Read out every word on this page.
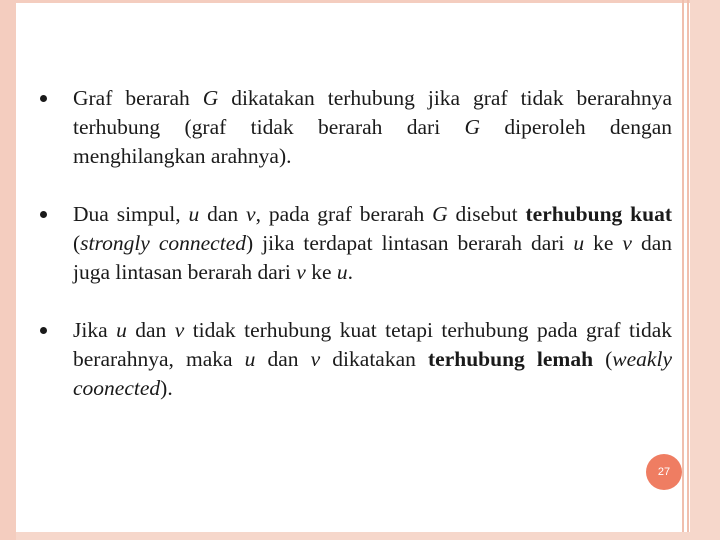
Graf berarah G dikatakan terhubung jika graf tidak berarahnya terhubung (graf tidak berarah dari G diperoleh dengan menghilangkan arahnya).
Dua simpul, u dan v, pada graf berarah G disebut terhubung kuat (strongly connected) jika terdapat lintasan berarah dari u ke v dan juga lintasan berarah dari v ke u.
Jika u dan v tidak terhubung kuat tetapi terhubung pada graf tidak berarahnya, maka u dan v dikatakan terhubung lemah (weakly coonected).
27
